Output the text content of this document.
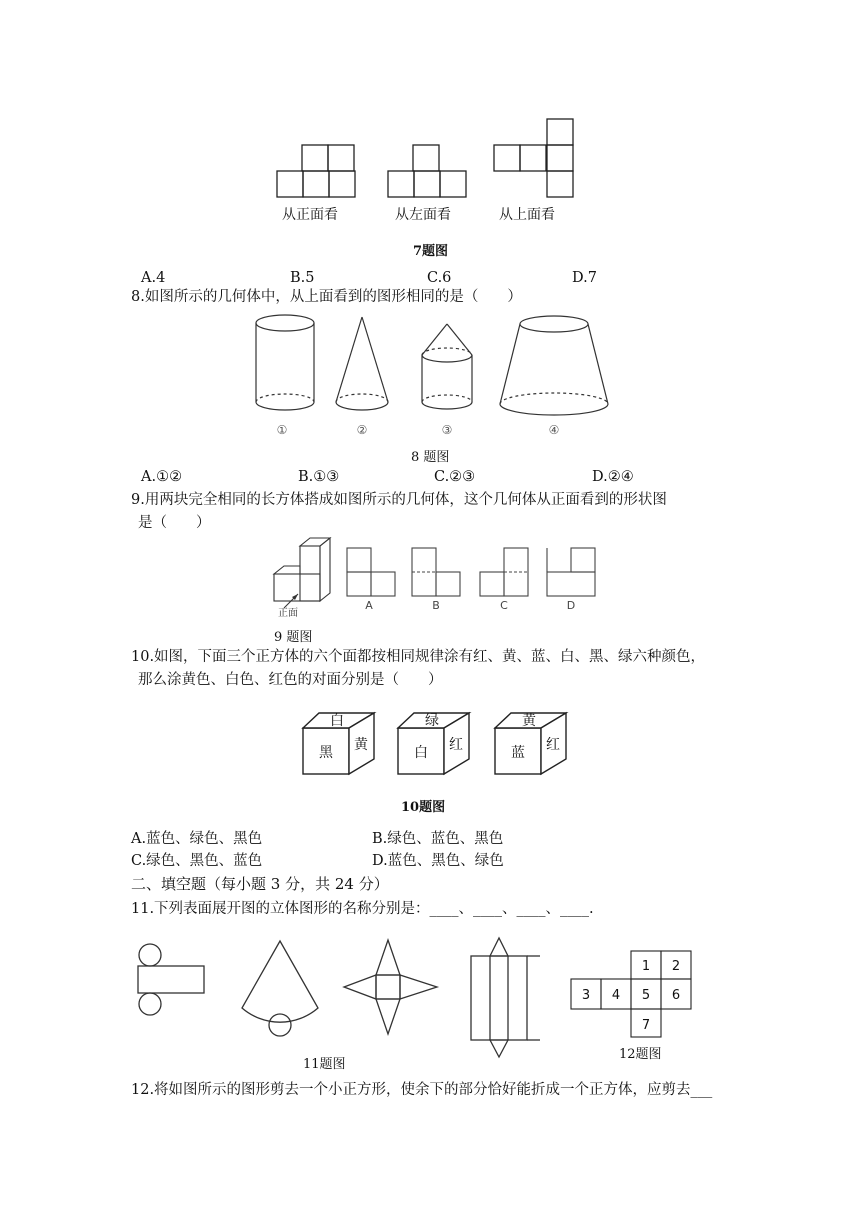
从正面看	从左面看	从上面看
7题图
A.4	B.5	C.6	D.7
8.如图所示的几何体中，从上面看到的图形相同的是（　　）
①	②	③	④
8 题图
A.①②	B.①③	C.②③	D.②④
9.用两块完全相同的长方体搭成如图所示的几何体，这个几何体从正面看到的形状图
是（　　）
正面
A	B	C	D
9 题图
10.如图，下面三个正方体的六个面都按相同规律涂有红、黄、蓝、白、黑、绿六种颜色，
那么涂黄色、白色、红色的对面分别是（　　）
白
黑 黄
绿
白 红
黄
蓝 红
10题图
A.蓝色、绿色、黑色	B.绿色、蓝色、黑色
C.绿色、黑色、蓝色	D.蓝色、黑色、绿色
二、填空题（每小题 3 分，共 24 分）
11.下列表面展开图的立体图形的名称分别是：____、____、____、____.
11题图
1 2
3 4 5 6
7
12题图
12.将如图所示的图形剪去一个小正方形，使余下的部分恰好能折成一个正方体，应剪去___
